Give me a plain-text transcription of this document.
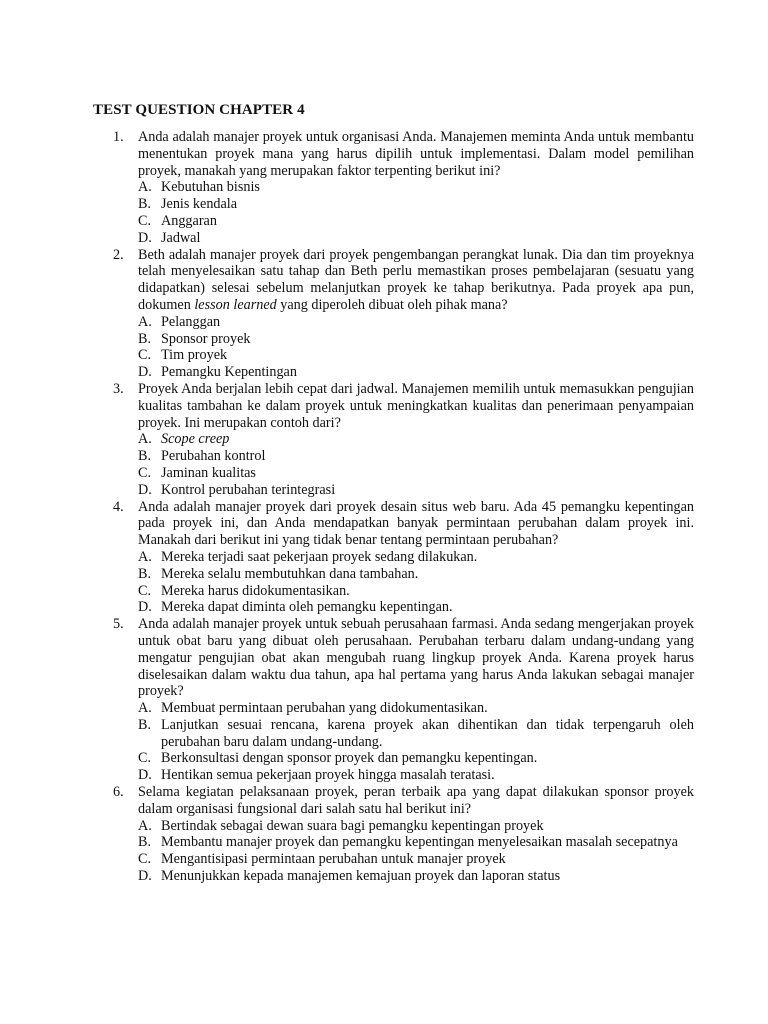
TEST QUESTION CHAPTER 4
1. Anda adalah manajer proyek untuk organisasi Anda. Manajemen meminta Anda untuk membantu menentukan proyek mana yang harus dipilih untuk implementasi. Dalam model pemilihan proyek, manakah yang merupakan faktor terpenting berikut ini?
A. Kebutuhan bisnis
B. Jenis kendala
C. Anggaran
D. Jadwal
2. Beth adalah manajer proyek dari proyek pengembangan perangkat lunak. Dia dan tim proyeknya telah menyelesaikan satu tahap dan Beth perlu memastikan proses pembelajaran (sesuatu yang didapatkan) selesai sebelum melanjutkan proyek ke tahap berikutnya. Pada proyek apa pun, dokumen lesson learned yang diperoleh dibuat oleh pihak mana?
A. Pelanggan
B. Sponsor proyek
C. Tim proyek
D. Pemangku Kepentingan
3. Proyek Anda berjalan lebih cepat dari jadwal. Manajemen memilih untuk memasukkan pengujian kualitas tambahan ke dalam proyek untuk meningkatkan kualitas dan penerimaan penyampaian proyek. Ini merupakan contoh dari?
A. Scope creep
B. Perubahan kontrol
C. Jaminan kualitas
D. Kontrol perubahan terintegrasi
4. Anda adalah manajer proyek dari proyek desain situs web baru. Ada 45 pemangku kepentingan pada proyek ini, dan Anda mendapatkan banyak permintaan perubahan dalam proyek ini. Manakah dari berikut ini yang tidak benar tentang permintaan perubahan?
A. Mereka terjadi saat pekerjaan proyek sedang dilakukan.
B. Mereka selalu membutuhkan dana tambahan.
C. Mereka harus didokumentasikan.
D. Mereka dapat diminta oleh pemangku kepentingan.
5. Anda adalah manajer proyek untuk sebuah perusahaan farmasi. Anda sedang mengerjakan proyek untuk obat baru yang dibuat oleh perusahaan. Perubahan terbaru dalam undang-undang yang mengatur pengujian obat akan mengubah ruang lingkup proyek Anda. Karena proyek harus diselesaikan dalam waktu dua tahun, apa hal pertama yang harus Anda lakukan sebagai manajer proyek?
A. Membuat permintaan perubahan yang didokumentasikan.
B. Lanjutkan sesuai rencana, karena proyek akan dihentikan dan tidak terpengaruh oleh perubahan baru dalam undang-undang.
C. Berkonsultasi dengan sponsor proyek dan pemangku kepentingan.
D. Hentikan semua pekerjaan proyek hingga masalah teratasi.
6. Selama kegiatan pelaksanaan proyek, peran terbaik apa yang dapat dilakukan sponsor proyek dalam organisasi fungsional dari salah satu hal berikut ini?
A. Bertindak sebagai dewan suara bagi pemangku kepentingan proyek
B. Membantu manajer proyek dan pemangku kepentingan menyelesaikan masalah secepatnya
C. Mengantisipasi permintaan perubahan untuk manajer proyek
D. Menunjukkan kepada manajemen kemajuan proyek dan laporan status
